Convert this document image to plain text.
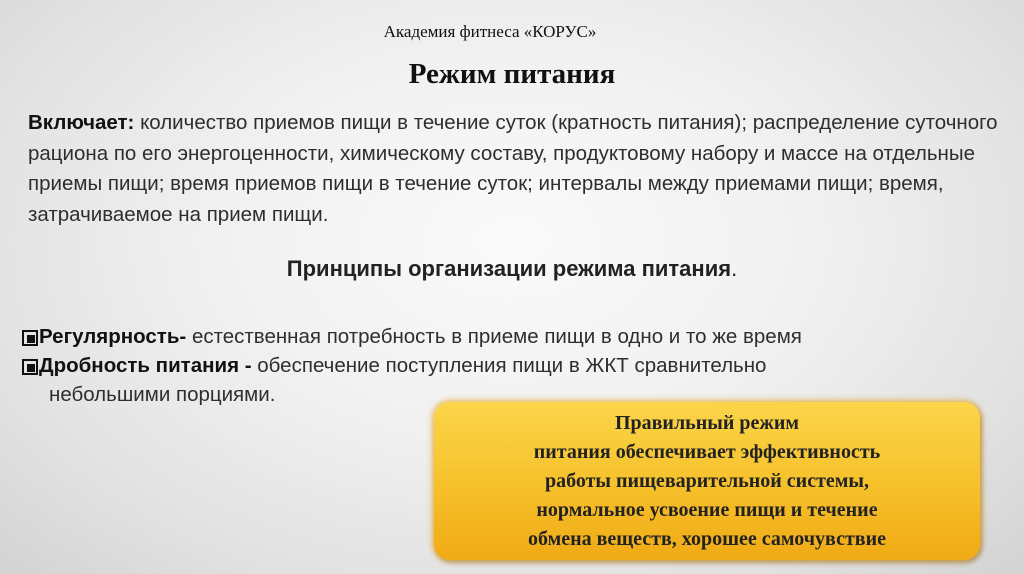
Академия фитнеса «КОРУС»
Режим питания
Включает: количество приемов пищи в течение суток (кратность питания); распределение суточного рациона по его энергоценности, химическому составу, продуктовому набору и массе на отдельные приемы пищи; время приемов пищи в течение суток; интервалы между приемами пищи; время, затрачиваемое на прием пищи.
Принципы организации режима питания.
Регулярность- естественная потребность в приеме пищи в одно и то же время
Дробность питания - обеспечение поступления пищи в ЖКТ сравнительно
небольшими порциями.
Правильный режим
питания обеспечивает эффективность
работы пищеварительной системы,
нормальное усвоение пищи и течение
обмена веществ, хорошее самочувствие
